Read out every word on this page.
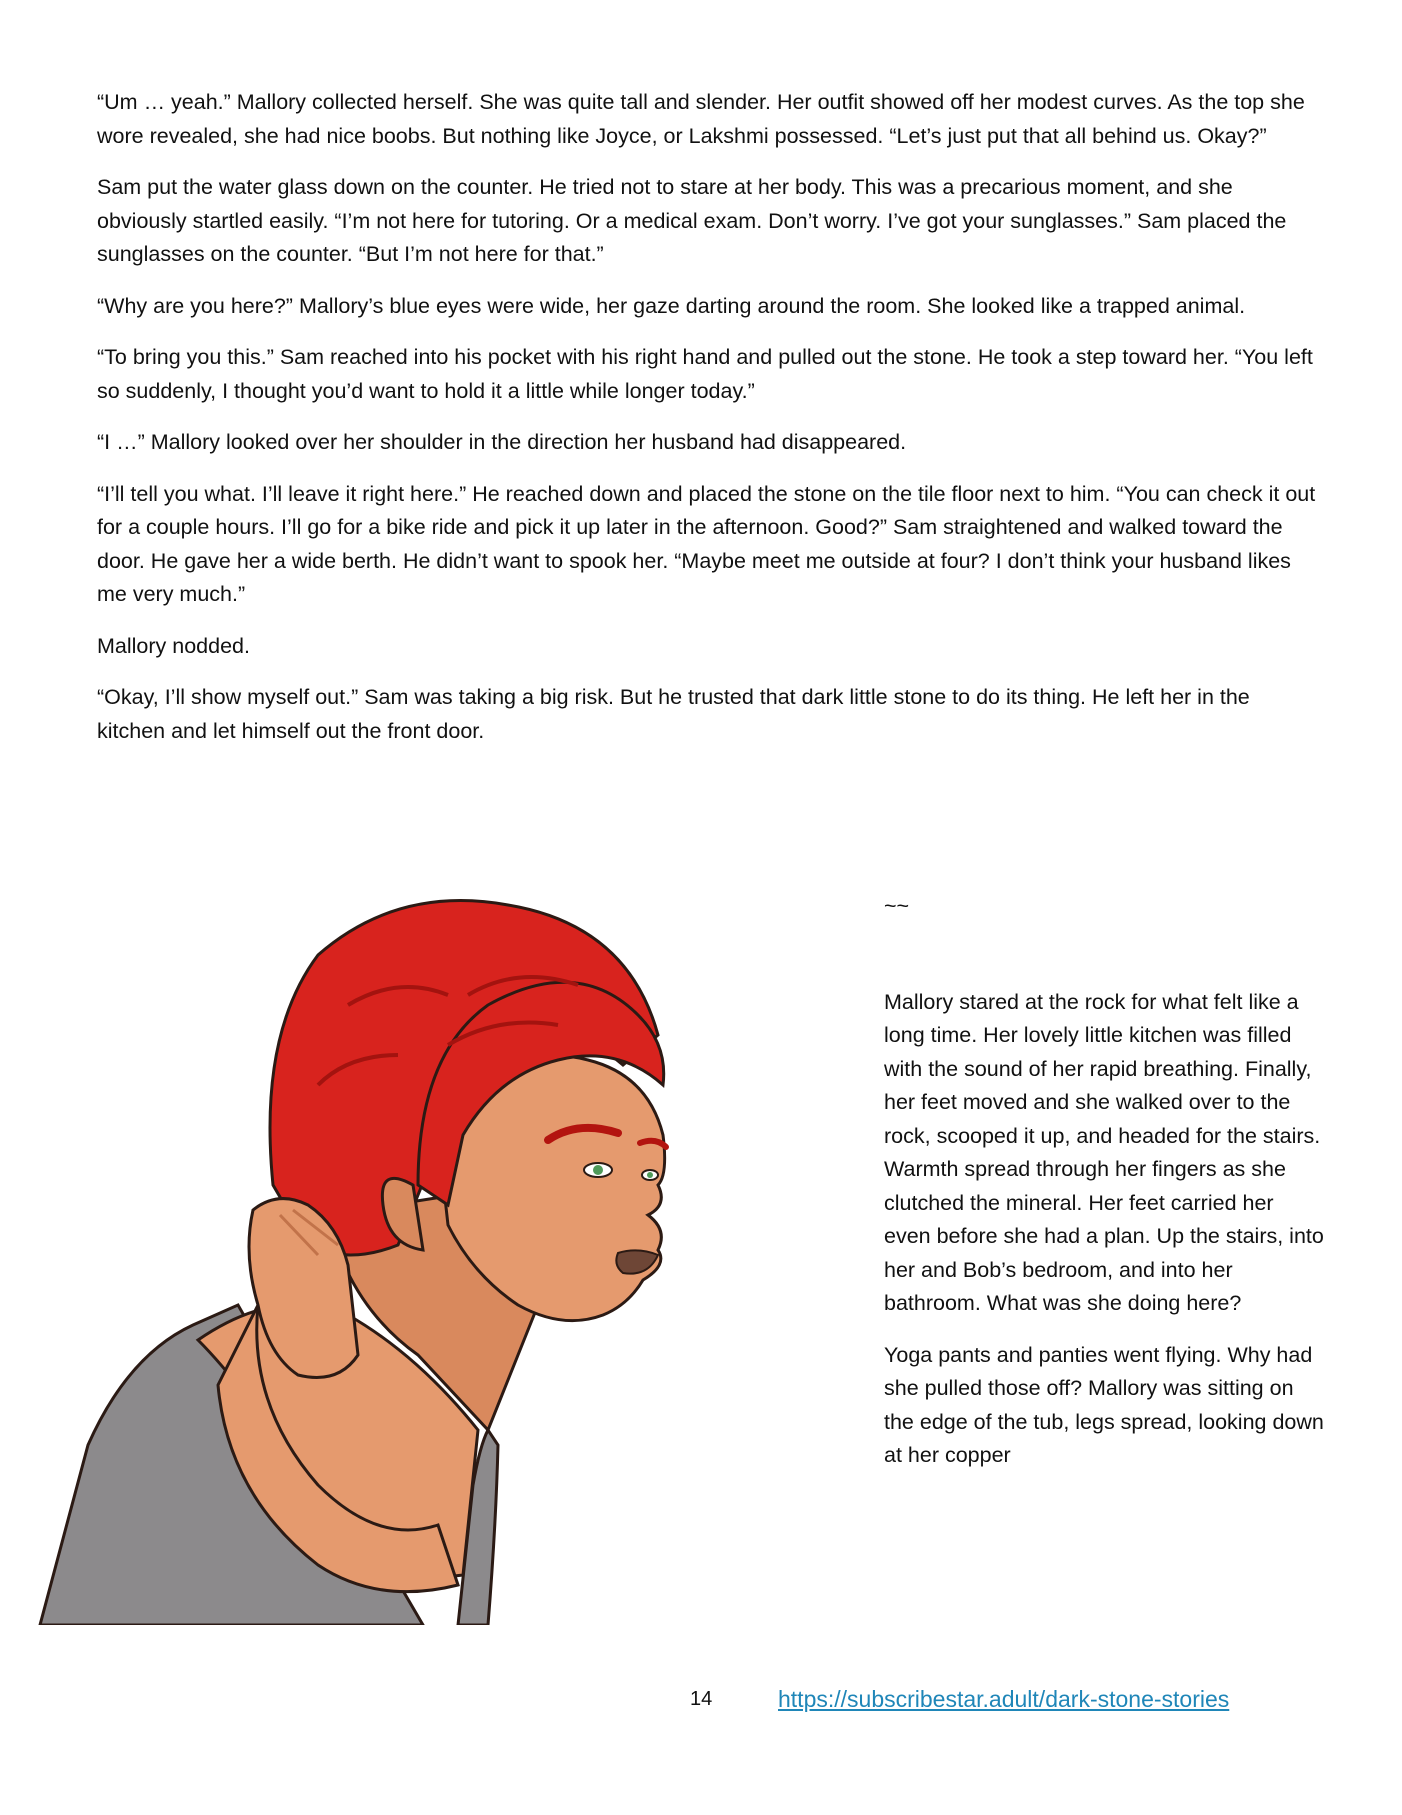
“Um … yeah.” Mallory collected herself. She was quite tall and slender. Her outfit showed off her modest curves. As the top she wore revealed, she had nice boobs. But nothing like Joyce, or Lakshmi possessed. “Let’s just put that all behind us. Okay?”

Sam put the water glass down on the counter. He tried not to stare at her body. This was a precarious moment, and she obviously startled easily. “I’m not here for tutoring. Or a medical exam. Don’t worry. I’ve got your sunglasses.” Sam placed the sunglasses on the counter. “But I’m not here for that.”

“Why are you here?” Mallory’s blue eyes were wide, her gaze darting around the room. She looked like a trapped animal.

“To bring you this.” Sam reached into his pocket with his right hand and pulled out the stone. He took a step toward her. “You left so suddenly, I thought you’d want to hold it a little while longer today.”

“I …” Mallory looked over her shoulder in the direction her husband had disappeared.

“I’ll tell you what. I’ll leave it right here.” He reached down and placed the stone on the tile floor next to him. “You can check it out for a couple hours. I’ll go for a bike ride and pick it up later in the afternoon. Good?” Sam straightened and walked toward the door. He gave her a wide berth. He didn’t want to spook her. “Maybe meet me outside at four? I don’t think your husband likes me very much.”

Mallory nodded.

“Okay, I’ll show myself out.” Sam was taking a big risk. But he trusted that dark little stone to do its thing. He left her in the kitchen and let himself out the front door.

~~

Mallory stared at the rock for what felt like a long time. Her lovely little kitchen was filled with the sound of her rapid breathing. Finally, her feet moved and she walked over to the rock, scooped it up, and headed for the stairs. Warmth spread through her fingers as she clutched the mineral. Her feet carried her even before she had a plan. Up the stairs, into her and Bob’s bedroom, and into her bathroom. What was she doing here?

Yoga pants and panties went flying. Why had she pulled those off? Mallory was sitting on the edge of the tub, legs spread, looking down at her copper

14	https://subscribestar.adult/dark-stone-stories
